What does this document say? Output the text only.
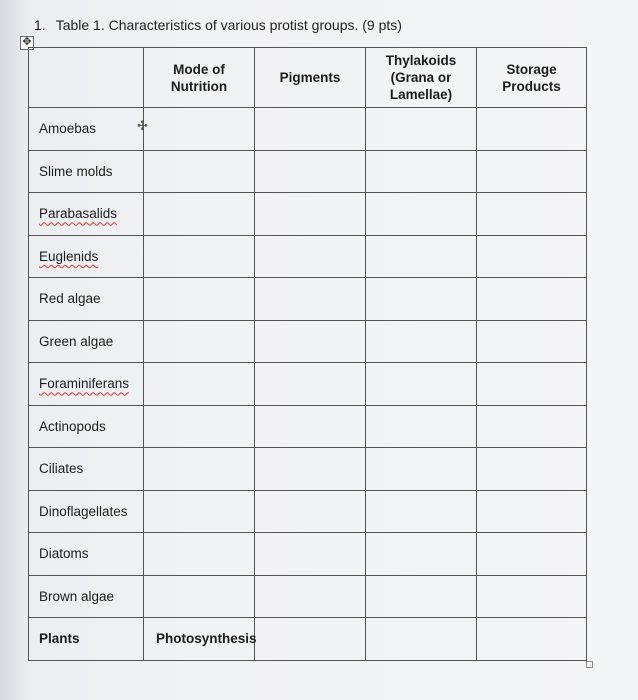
1. Table 1. Characteristics of various protist groups. (9 pts)
✥
	Mode of Nutrition	Pigments	Thylakoids (Grana or Lamellae)	Storage Products
Amoebas				
Slime molds				
Parabasalids				
Euglenids				
Red algae				
Green algae				
Foraminiferans				
Actinopods				
Ciliates				
Dinoflagellates				
Diatoms				
Brown algae				
Plants	Photosynthesis			
✣
